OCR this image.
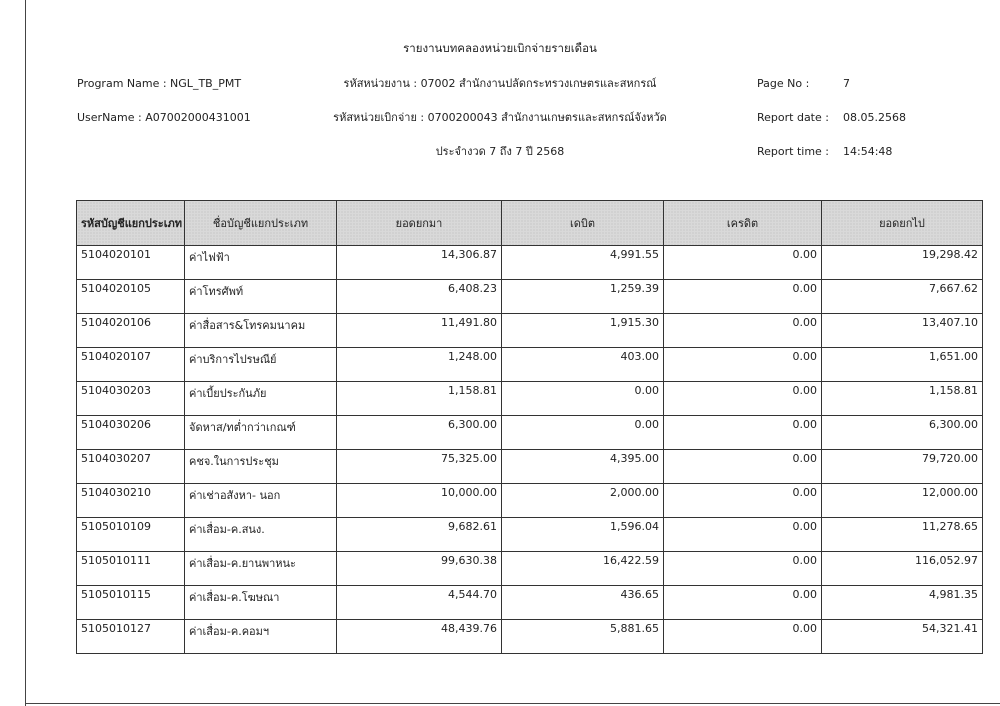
รายงานบทคลองหน่วยเบิกจ่ายรายเดือน
Program Name : NGL_TB_PMT	รหัสหน่วยงาน : 07002 สำนักงานปลัดกระทรวงเกษตรและสหกรณ์	Page No :	7
UserName : A07002000431001	รหัสหน่วยเบิกจ่าย : 0700200043 สำนักงานเกษตรและสหกรณ์จังหวัด	Report date : 08.05.2568
ประจำงวด 7 ถึง 7 ปี 2568	Report time : 14:54:48
รหัสบัญชีแยกประเภท	ชื่อบัญชีแยกประเภท	ยอดยกมา	เดบิต	เครดิต	ยอดยกไป
5104020101	ค่าไฟฟ้า	14,306.87	4,991.55	0.00	19,298.42
5104020105	ค่าโทรศัพท์	6,408.23	1,259.39	0.00	7,667.62
5104020106	ค่าสื่อสาร&โทรคมนาคม	11,491.80	1,915.30	0.00	13,407.10
5104020107	ค่าบริการไปรษณีย์	1,248.00	403.00	0.00	1,651.00
5104030203	ค่าเบี้ยประกันภัย	1,158.81	0.00	0.00	1,158.81
5104030206	จัดหาส/ทต่ำกว่าเกณฑ์	6,300.00	0.00	0.00	6,300.00
5104030207	คชจ.ในการประชุม	75,325.00	4,395.00	0.00	79,720.00
5104030210	ค่าเช่าอสังหา- นอก	10,000.00	2,000.00	0.00	12,000.00
5105010109	ค่าเสื่อม-ค.สนง.	9,682.61	1,596.04	0.00	11,278.65
5105010111	ค่าเสื่อม-ค.ยานพาหนะ	99,630.38	16,422.59	0.00	116,052.97
5105010115	ค่าเสื่อม-ค.โฆษณา	4,544.70	436.65	0.00	4,981.35
5105010127	ค่าเสื่อม-ค.คอมฯ	48,439.76	5,881.65	0.00	54,321.41
